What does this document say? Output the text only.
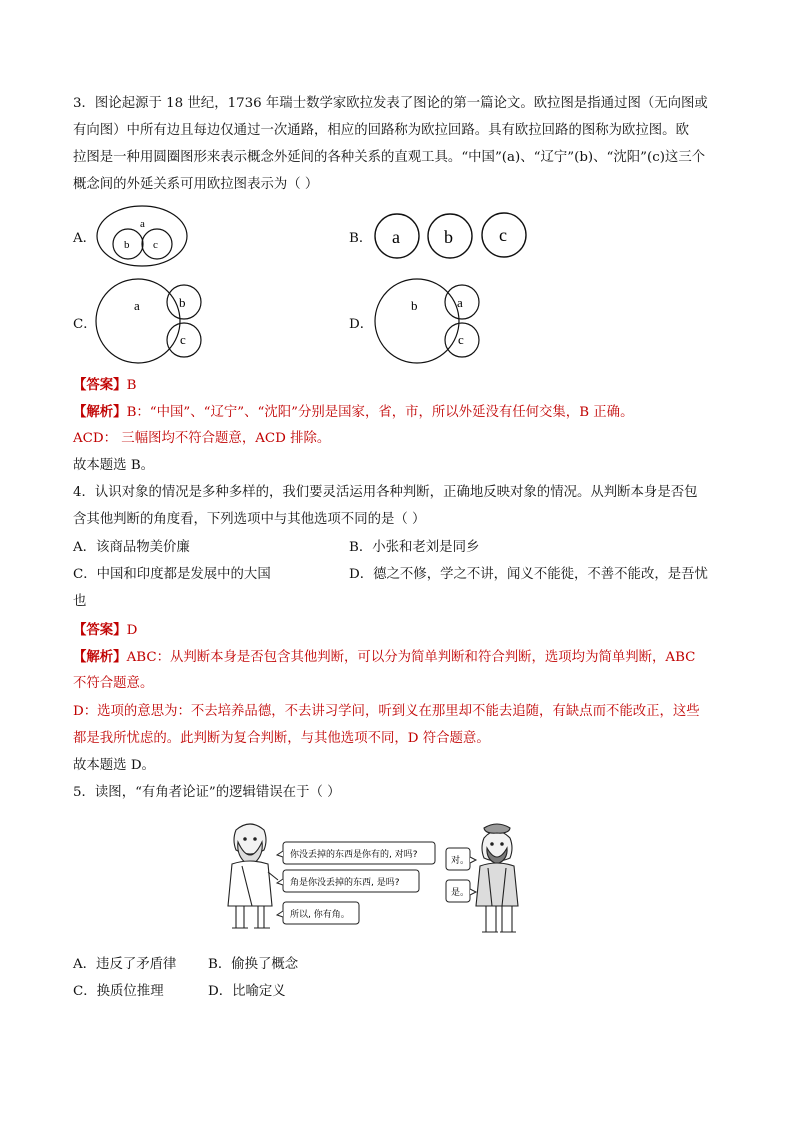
3．图论起源于 18 世纪，1736 年瑞士数学家欧拉发表了图论的第一篇论文。欧拉图是指通过图（无向图或
有向图）中所有边且每边仅通过一次通路，相应的回路称为欧拉回路。具有欧拉回路的图称为欧拉图。欧
拉图是一种用圆圈图形来表示概念外延间的各种关系的直观工具。“中国”(a)、“辽宁”(b)、“沈阳”(c)这三个
概念间的外延关系可用欧拉图表示为（ ）
A．
a
b c	B． a b	c
C．
a	b
c
D．
b	a
c
【答案】B
【解析】B：“中国”、“辽宁”、“沈阳”分别是国家，省，市，所以外延没有任何交集，B 正确。
ACD： 三幅图均不符合题意，ACD 排除。
故本题选 B。
4．认识对象的情况是多种多样的，我们要灵活运用各种判断，正确地反映对象的情况。从判断本身是否包
含其他判断的角度看，下列选项中与其他选项不同的是（ ）
A．该商品物美价廉	B．小张和老刘是同乡
C．中国和印度都是发展中的大国	D．德之不修，学之不讲，闻义不能徙，不善不能改，是吾忧
也
【答案】D
【解析】ABC：从判断本身是否包含其他判断，可以分为简单判断和符合判断，选项均为简单判断，ABC
不符合题意。
D：选项的意思为：不去培养品德，不去讲习学问，听到义在那里却不能去追随，有缺点而不能改正，这些
都是我所忧虑的。此判断为复合判断，与其他选项不同，D 符合题意。
故本题选 D。
5．读图，“有角者论证”的逻辑错误在于（ ）
你没丢掉的东西是你有的, 对吗?
角是你没丢掉的东西, 是吗?
所以, 你有角。
对。
是。
A．违反了矛盾律 B．偷换了概念
C．换质位推理	D．比喻定义
